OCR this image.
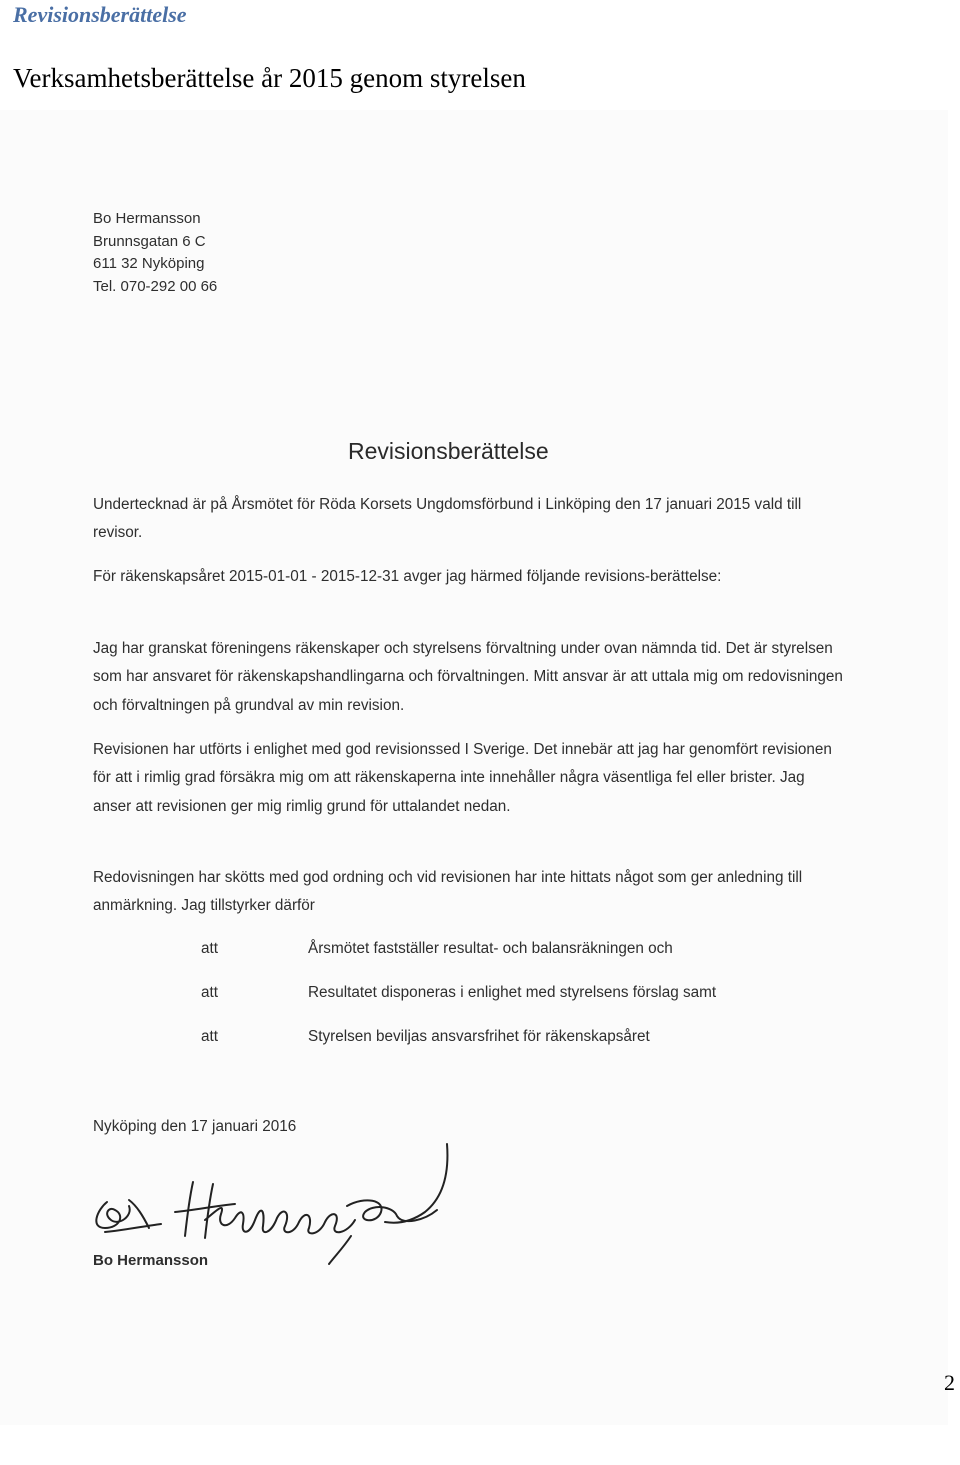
Revisionsberättelse
Verksamhetsberättelse år 2015 genom styrelsen
Bo Hermansson
Brunnsgatan 6 C
611 32 Nyköping
Tel. 070-292 00 66
Revisionsberättelse

Undertecknad är på Årsmötet för Röda Korsets Ungdomsförbund i Linköping den 17 januari 2015 vald till revisor.

För räkenskapsåret 2015-01-01 - 2015-12-31 avger jag härmed följande revisions-berättelse:

Jag har granskat föreningens räkenskaper och styrelsens förvaltning under ovan nämnda tid. Det är styrelsen som har ansvaret för räkenskapshandlingarna och förvaltningen. Mitt ansvar är att uttala mig om redovisningen och förvaltningen på grundval av min revision.

Revisionen har utförts i enlighet med god revisionssed I Sverige. Det innebär att jag har genomfört revisionen för att i rimlig grad försäkra mig om att räkenskaperna inte innehåller några väsentliga fel eller brister. Jag anser att revisionen ger mig rimlig grund för uttalandet nedan.

Redovisningen har skötts med god ordning och vid revisionen har inte hittats något som ger anledning till anmärkning. Jag tillstyrker därför

att	Årsmötet fastställer resultat- och balansräkningen och
att	Resultatet disponeras i enlighet med styrelsens förslag samt
att	Styrelsen beviljas ansvarsfrihet för räkenskapsåret
Nyköping den 17 januari 2016
Bo Hermansson
2
